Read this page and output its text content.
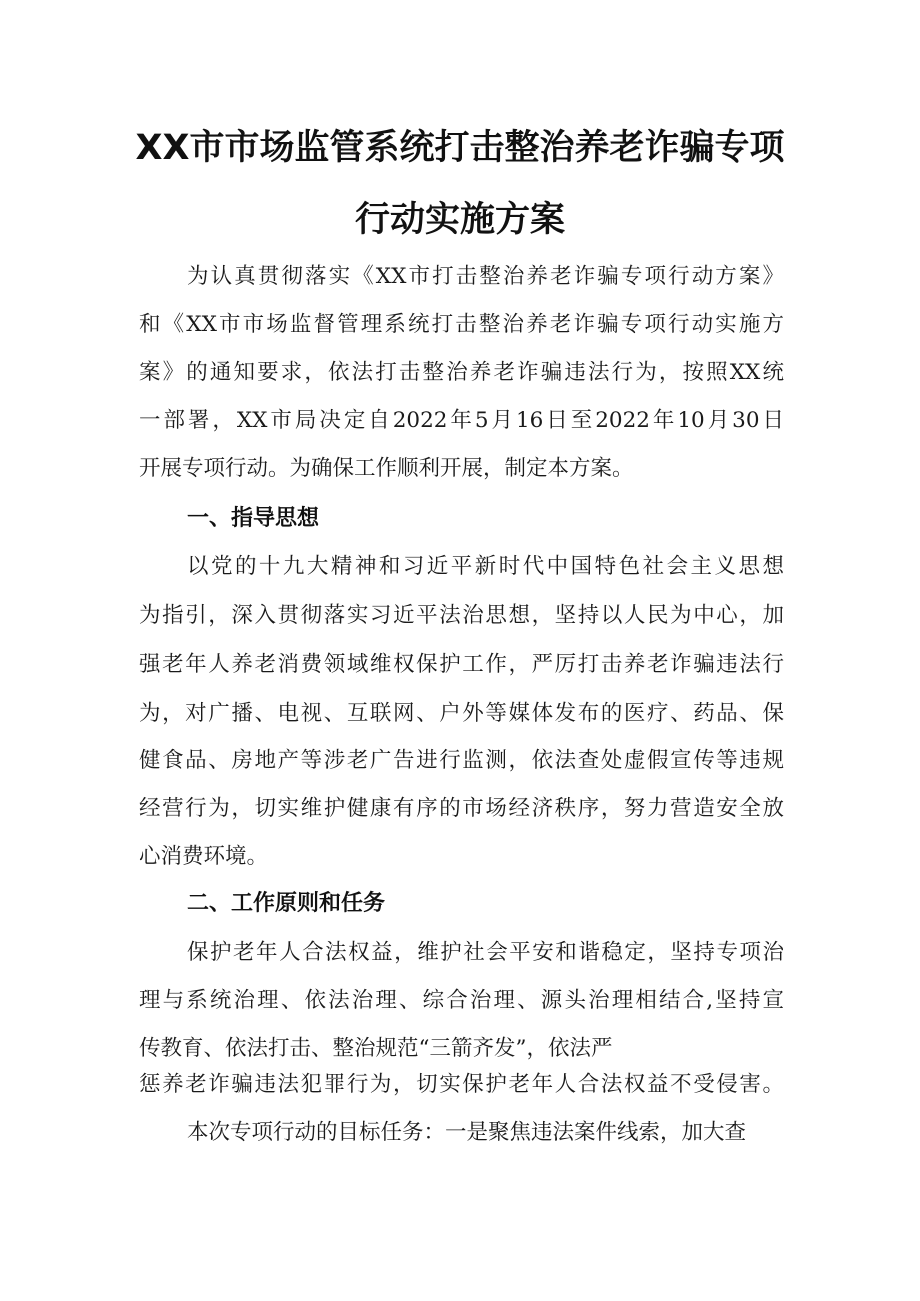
XX市市场监管系统打击整治养老诈骗专项
行动实施方案
为认真贯彻落实《XX市打击整治养老诈骗专项行动方案》
和《XX市市场监督管理系统打击整治养老诈骗专项行动实施方
案》的通知要求，依法打击整治养老诈骗违法行为，按照XX统
一部署，XX市局决定自2022年5月16日至2022年10月30日
开展专项行动。为确保工作顺利开展，制定本方案。
一、指导思想
以党的十九大精神和习近平新时代中国特色社会主义思想
为指引，深入贯彻落实习近平法治思想，坚持以人民为中心，加
强老年人养老消费领域维权保护工作，严厉打击养老诈骗违法行
为，对广播、电视、互联网、户外等媒体发布的医疗、药品、保
健食品、房地产等涉老广告进行监测，依法查处虚假宣传等违规
经营行为，切实维护健康有序的市场经济秩序，努力营造安全放
心消费环境。
二、工作原则和任务
保护老年人合法权益，维护社会平安和谐稳定，坚持专项治
理与系统治理、依法治理、综合治理、源头治理相结合,坚持宣
传教育、依法打击、整治规范“三箭齐发”，依法严
惩养老诈骗违法犯罪行为，切实保护老年人合法权益不受侵害。
本次专项行动的目标任务：一是聚焦违法案件线索，加大查
